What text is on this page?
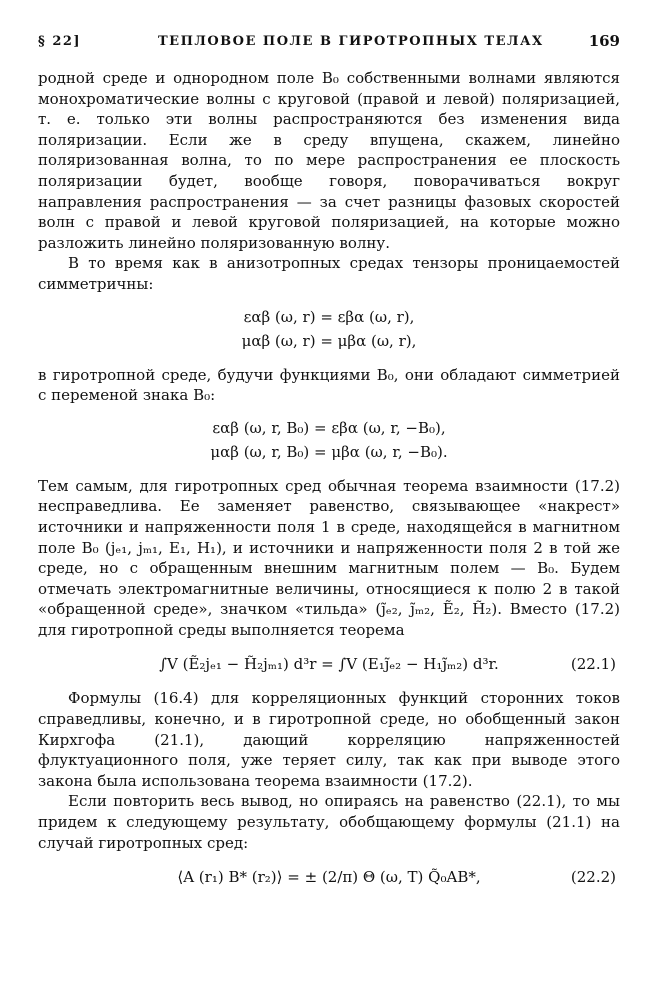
§ 22]	ТЕПЛОВОЕ ПОЛЕ В ГИРОТРОПНЫХ ТЕЛАХ	169

родной среде и однородном поле B₀ собственными волнами являются монохроматические волны с круговой (правой и левой) поляризацией, т. е. только эти волны распространяются без изменения вида поляризации. Если же в среду впущена, скажем, линейно поляризованная волна, то по мере распространения ее плоскость поляризации будет, вообще говоря, поворачиваться вокруг направления распространения — за счет разницы фазовых скоростей волн с правой и левой круговой поляризацией, на которые можно разложить линейно поляризованную волну.

В то время как в анизотропных средах тензоры проницаемостей симметричны:

εαβ (ω, r) = εβα (ω, r),
μαβ (ω, r) = μβα (ω, r),

в гиротропной среде, будучи функциями B₀, они обладают симметрией с переменой знака B₀:

εαβ (ω, r, B₀) = εβα (ω, r, −B₀),
μαβ (ω, r, B₀) = μβα (ω, r, −B₀).

Тем самым, для гиротропных сред обычная теорема взаимности (17.2) несправедлива. Ее заменяет равенство, связывающее «накрест» источники и напряженности поля 1 в среде, находящейся в магнитном поле B₀ (jₑ₁, jₘ₁, E₁, H₁), и источники и напряженности поля 2 в той же среде, но с обращенным внешним магнитным полем — B₀. Будем отмечать электромагнитные величины, относящиеся к полю 2 в такой «обращенной среде», значком «тильда» (j̃ₑ₂, j̃ₘ₂, Ẽ₂, H̃₂). Вместо (17.2) для гиротропной среды выполняется теорема

∫V (Ẽ₂jₑ₁ − H̃₂jₘ₁) d³r = ∫V (E₁j̃ₑ₂ − H₁j̃ₘ₂) d³r.	(22.1)

Формулы (16.4) для корреляционных функций сторонних токов справедливы, конечно, и в гиротропной среде, но обобщенный закон Кирхгофа (21.1), дающий корреляцию напряженностей флуктуационного поля, уже теряет силу, так как при выводе этого закона была использована теорема взаимности (17.2).

Если повторить весь вывод, но опираясь на равенство (22.1), то мы придем к следующему результату, обобщающему формулы (21.1) на случай гиротропных сред:

⟨A (r₁) B* (r₂)⟩ = ± (2/π) Θ (ω, T) Q̃₀AB*,	(22.2)
